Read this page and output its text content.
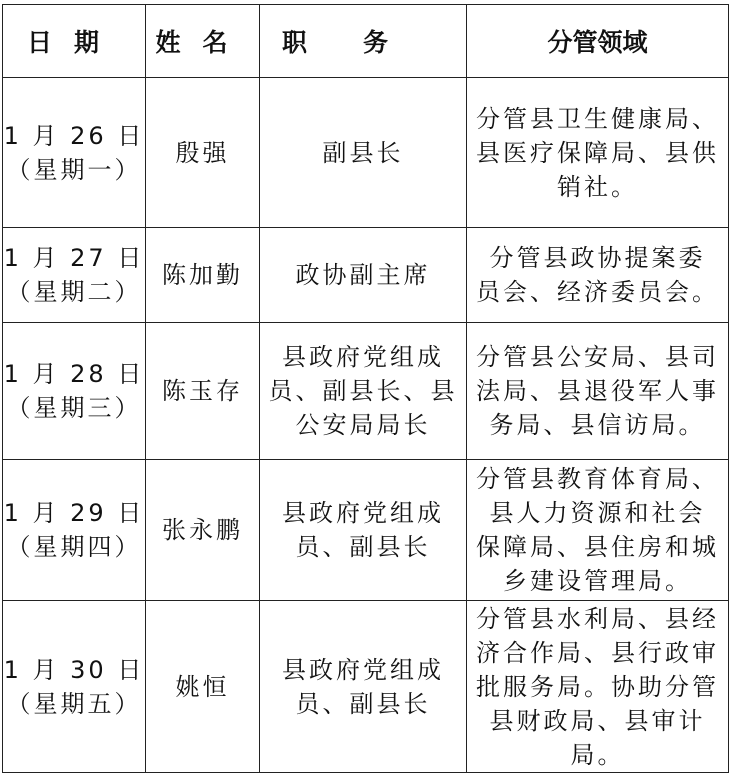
日期	姓名	职务	分管领域
1 月 26 日
（星期一）	殷强	副县长	分管县卫生健康局、
县医疗保障局、县供
销社。
1 月 27 日
（星期二）	陈加勤	政协副主席	分管县政协提案委
员会、经济委员会。
1 月 28 日
（星期三）	陈玉存	县政府党组成
员、副县长、县
公安局局长	分管县公安局、县司
法局、县退役军人事
务局、县信访局。
1 月 29 日
（星期四）	张永鹏	县政府党组成
员、副县长	分管县教育体育局、
县人力资源和社会
保障局、县住房和城
乡建设管理局。
1 月 30 日
（星期五）	姚恒	县政府党组成
员、副县长	分管县水利局、县经
济合作局、县行政审
批服务局。协助分管
县财政局、县审计
局。
